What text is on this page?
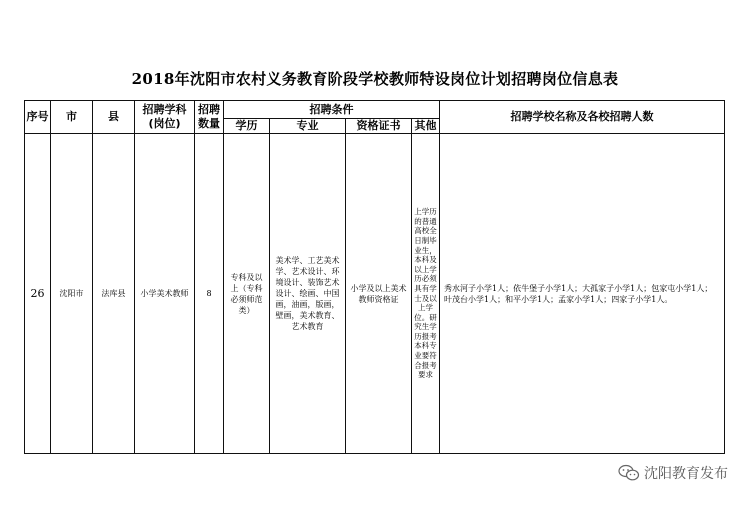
2018年沈阳市农村义务教育阶段学校教师特设岗位计划招聘岗位信息表
序号	市	县	招聘学科(岗位)	招聘数量	招聘条件				招聘学校名称及各校招聘人数
					学历	专业	资格证书	其他	
26	沈阳市	法库县	小学美术教师	8	专科及以上（专科必须师范类）	美术学、工艺美术学、艺术设计、环境设计、装饰艺术设计、绘画、中国画，油画，版画，壁画，美术教育、艺术教育	小学及以上美术教师资格证	上学历的普通高校全日制毕业生，本科及以上学历必须具有学士及以上学位。研究生学历报考本科专业要符合报考要求	秀水河子小学1人；依牛堡子小学1人；大孤家子小学1人；包家屯小学1人；叶茂台小学1人；和平小学1人；孟家小学1人；四家子小学1人。
沈阳教育发布
